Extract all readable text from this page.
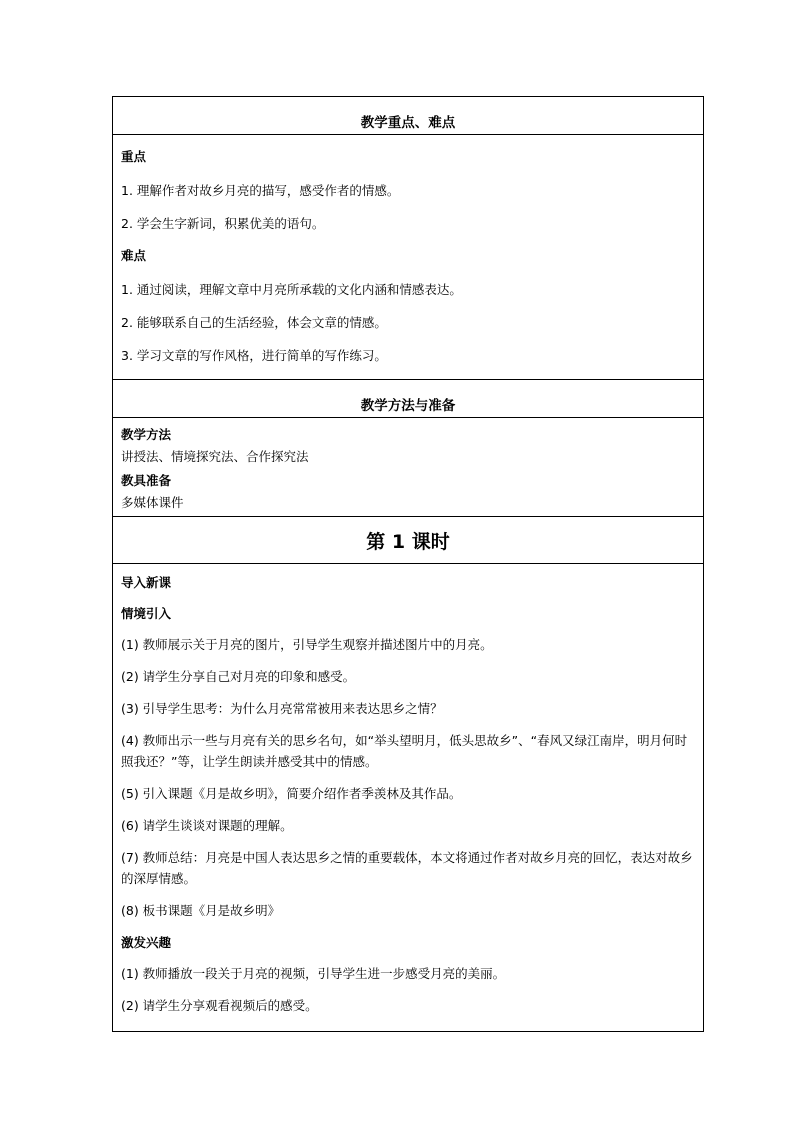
教学重点、难点
重点
1. 理解作者对故乡月亮的描写，感受作者的情感。
2. 学会生字新词，积累优美的语句。
难点
1. 通过阅读，理解文章中月亮所承载的文化内涵和情感表达。
2. 能够联系自己的生活经验，体会文章的情感。
3. 学习文章的写作风格，进行简单的写作练习。
教学方法与准备
教学方法
讲授法、情境探究法、合作探究法
教具准备
多媒体课件
第 1 课时
导入新课
情境引入
(1) 教师展示关于月亮的图片，引导学生观察并描述图片中的月亮。
(2) 请学生分享自己对月亮的印象和感受。
(3) 引导学生思考：为什么月亮常常被用来表达思乡之情？
(4) 教师出示一些与月亮有关的思乡名句，如“举头望明月，低头思故乡”、“春风又绿江南岸，明月何时照我还？”等，让学生朗读并感受其中的情感。
(5) 引入课题《月是故乡明》，简要介绍作者季羡林及其作品。
(6) 请学生谈谈对课题的理解。
(7) 教师总结：月亮是中国人表达思乡之情的重要载体，本文将通过作者对故乡月亮的回忆，表达对故乡的深厚情感。
(8) 板书课题《月是故乡明》
激发兴趣
(1) 教师播放一段关于月亮的视频，引导学生进一步感受月亮的美丽。
(2) 请学生分享观看视频后的感受。
